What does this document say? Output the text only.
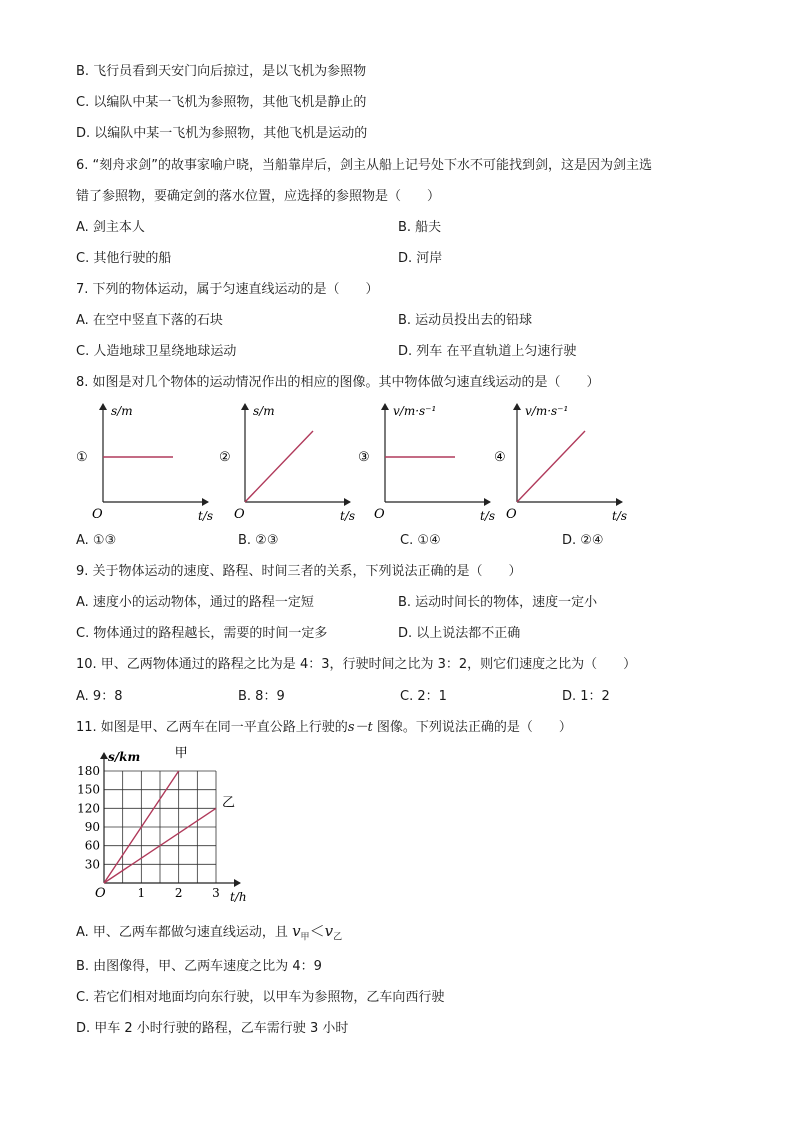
B. 飞行员看到天安门向后掠过，是以飞机为参照物
C. 以编队中某一飞机为参照物，其他飞机是静止的
D. 以编队中某一飞机为参照物，其他飞机是运动的
6. “刻舟求剑”的故事家喻户晓，当船靠岸后，剑主从船上记号处下水不可能找到剑，这是因为剑主选
错了参照物，要确定剑的落水位置，应选择的参照物是（　　）
A. 剑主本人	B. 船夫
C. 其他行驶的船	D. 河岸
7. 下列的物体运动，属于匀速直线运动的是（　　）
A. 在空中竖直下落的石块	B. 运动员投出去的铅球
C. 人造地球卫星绕地球运动	D. 列车 在平直轨道上匀速行驶
8. 如图是对几个物体的运动情况作出的相应的图像。其中物体做匀速直线运动的是（　　）
①
s/m
t/s
O
②
s/m
t/s
O
③
v/m·s⁻¹
t/s
O
④
v/m·s⁻¹
t/s
O
A. ①③	B. ②③	C. ①④	D. ②④
9. 关于物体运动的速度、路程、时间三者的关系，下列说法正确的是（　　）
A. 速度小的运动物体，通过的路程一定短	B. 运动时间长的物体，速度一定小
C. 物体通过的路程越长，需要的时间一定多	D. 以上说法都不正确
10. 甲、乙两物体通过的路程之比为是 4：3，行驶时间之比为 3：2，则它们速度之比为（　　）
A. 9：8	B. 8：9	C. 2：1	D. 1：2
11. 如图是甲、乙两车在同一平直公路上行驶的s－t 图像。下列说法正确的是（　　）
s/km
t/h
O
30
60
90
120
150
180
1 2 3
甲
乙
A. 甲、乙两车都做匀速直线运动，且 $v_甲<v_乙$
B. 由图像得，甲、乙两车速度之比为 4：9
C. 若它们相对地面均向东行驶，以甲车为参照物，乙车向西行驶
D. 甲车 2 小时行驶的路程，乙车需行驶 3 小时
